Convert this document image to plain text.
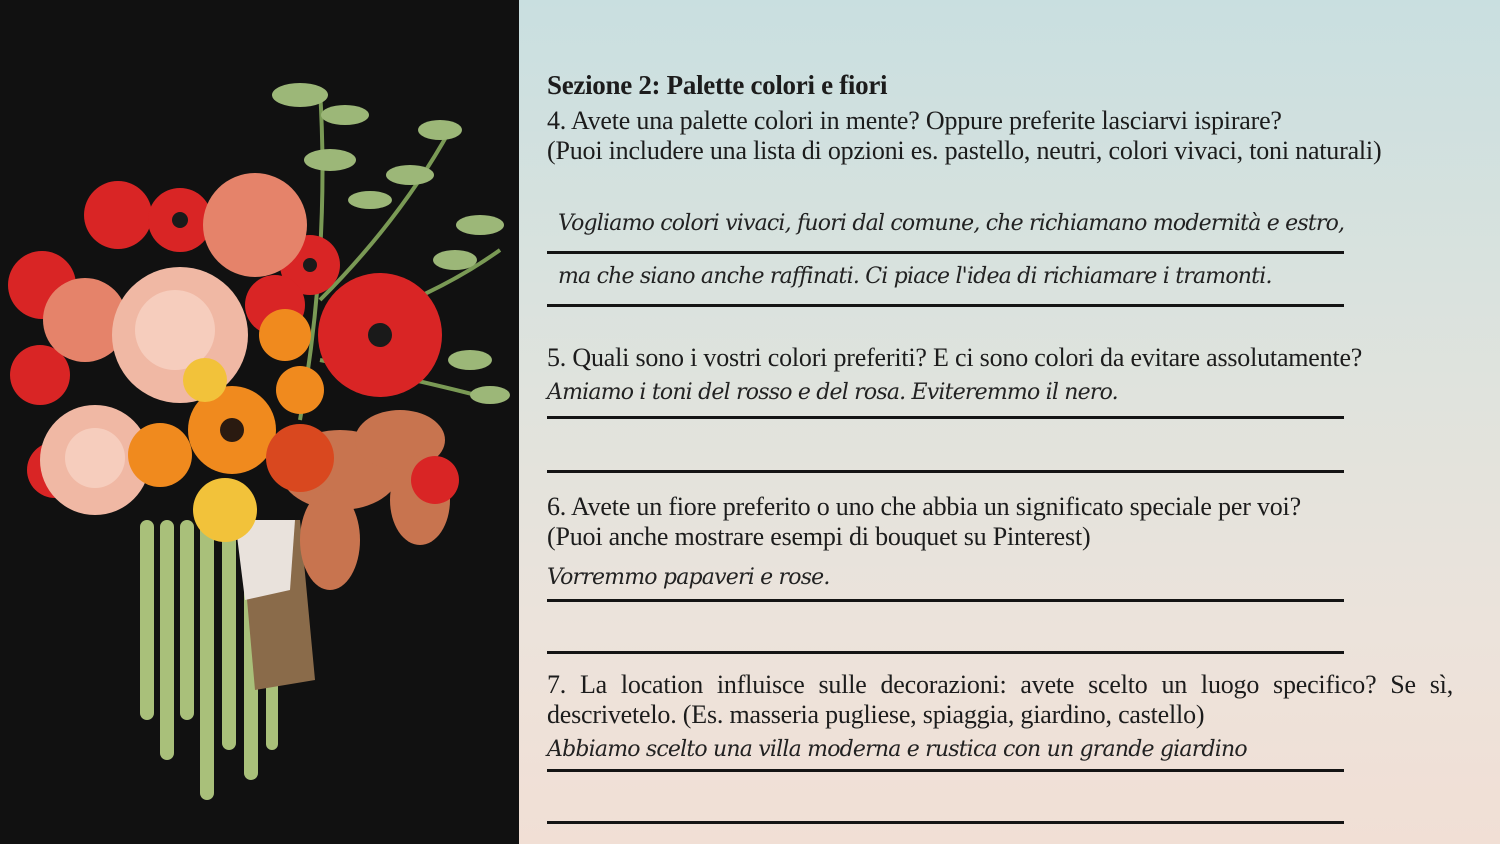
Sezione 2: Palette colori e fiori
4. Avete una palette colori in mente? Oppure preferite lasciarvi ispirare?
(Puoi includere una lista di opzioni es. pastello, neutri, colori vivaci, toni naturali)
Vogliamo colori vivaci, fuori dal comune, che richiamano modernità e estro,
ma che siano anche raffinati. Ci piace l'idea di richiamare i tramonti.
5. Quali sono i vostri colori preferiti? E ci sono colori da evitare assolutamente?
Amiamo i toni del rosso e del rosa. Eviteremmo il nero.
6. Avete un fiore preferito o uno che abbia un significato speciale per voi?
(Puoi anche mostrare esempi di bouquet su Pinterest)
Vorremmo papaveri e rose.
7. La location influisce sulle decorazioni: avete scelto un luogo specifico? Se sì, descrivetelo. (Es. masseria pugliese, spiaggia, giardino, castello)
Abbiamo scelto una villa moderna e rustica con un grande giardino
